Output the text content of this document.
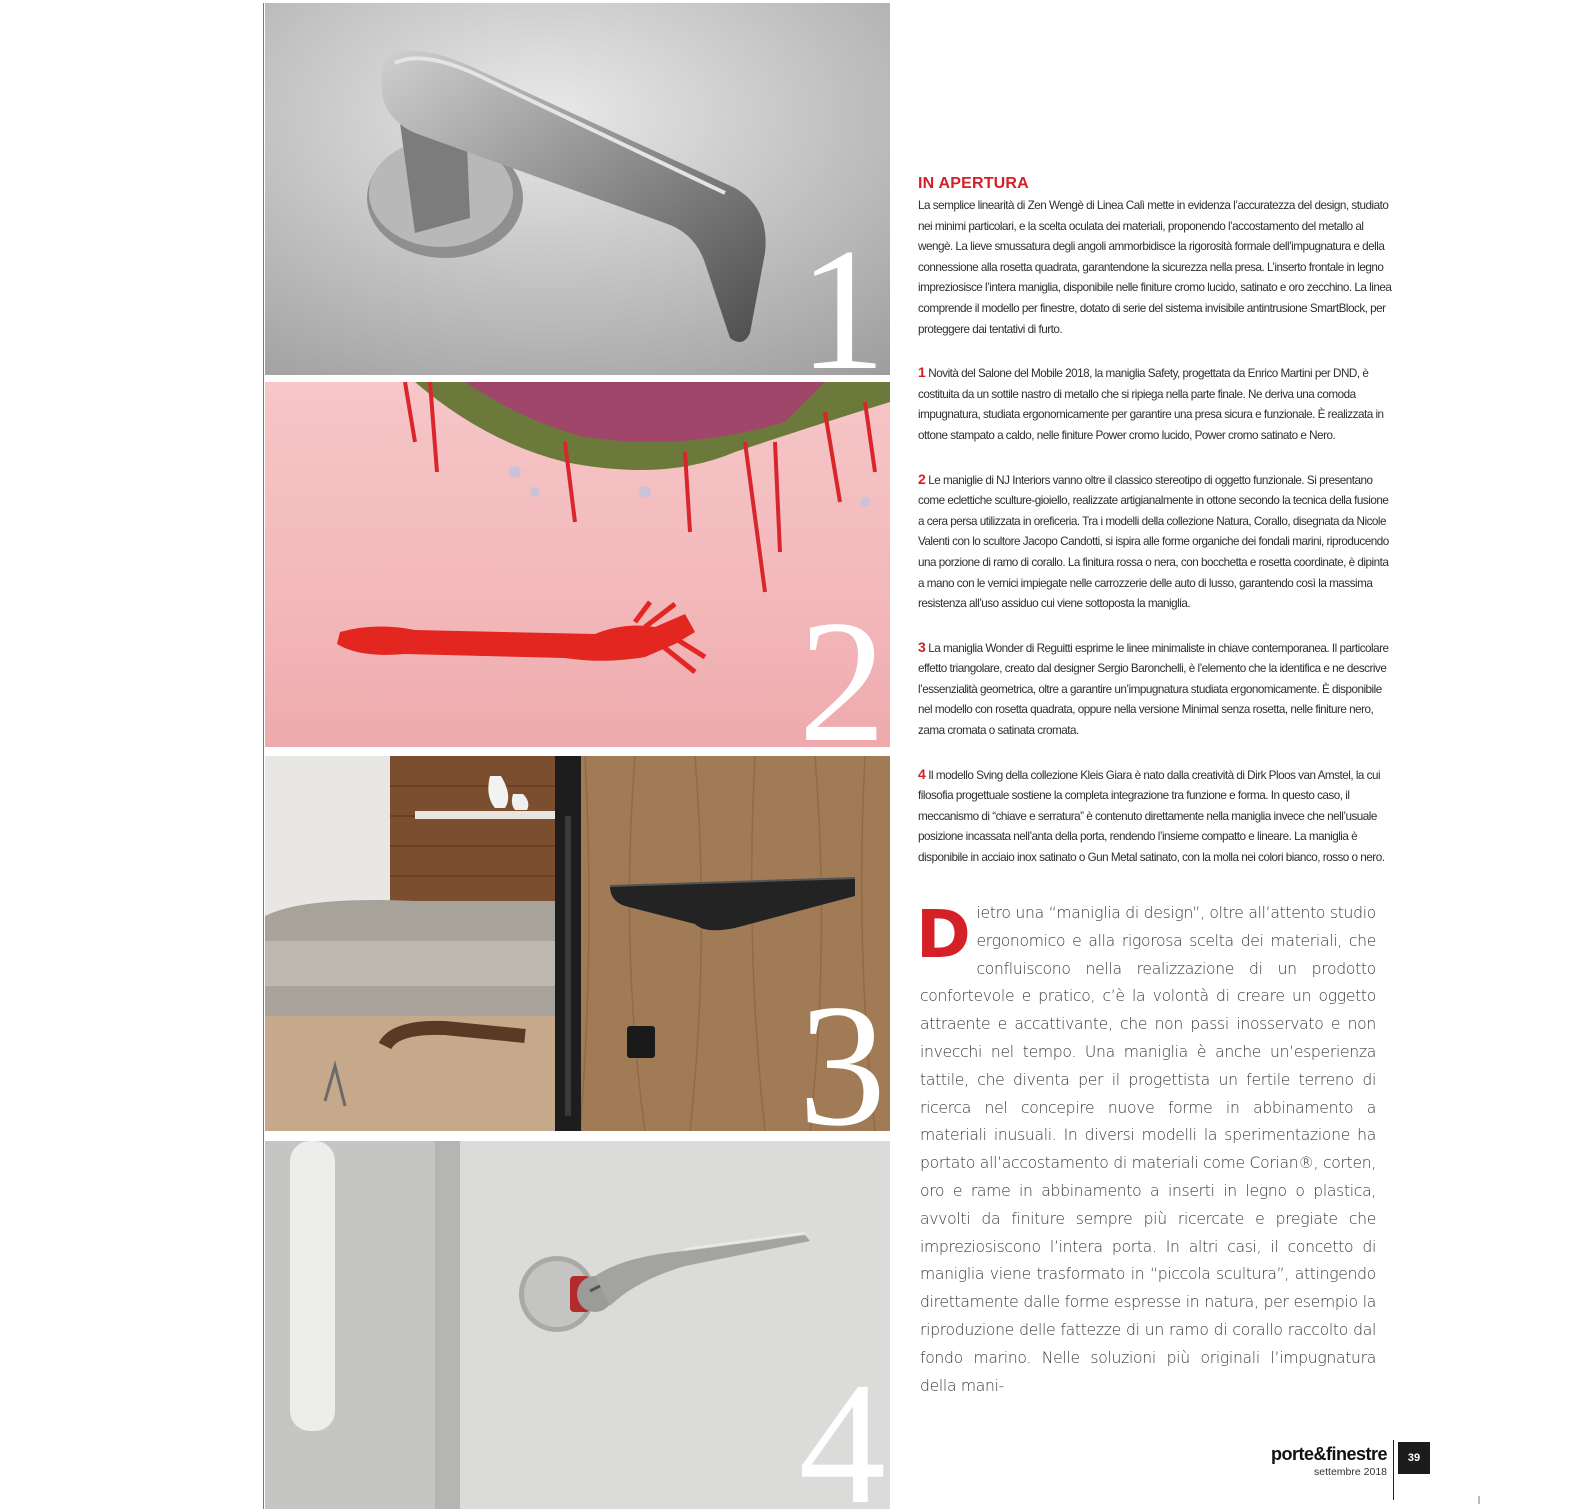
1
2
3
4
IN APERTURA

La semplice linearità di Zen Wengè di Linea Calì mette in evidenza l’accuratezza del design, studiato nei minimi particolari, e la scelta oculata dei materiali, proponendo l’accostamento del metallo al wengè. La lieve smussatura degli angoli ammorbidisce la rigorosità formale dell’impugnatura e della connessione alla rosetta quadrata, garantendone la sicurezza nella presa. L’inserto frontale in legno impreziosisce l’intera maniglia, disponibile nelle finiture cromo lucido, satinato e oro zecchino. La linea comprende il modello per finestre, dotato di serie del sistema invisibile antintrusione SmartBlock, per proteggere dai tentativi di furto.

1 Novità del Salone del Mobile 2018, la maniglia Safety, progettata da Enrico Martini per DND, è costituita da un sottile nastro di metallo che si ripiega nella parte finale. Ne deriva una comoda impugnatura, studiata ergonomicamente per garantire una presa sicura e funzionale. È realizzata in ottone stampato a caldo, nelle finiture Power cromo lucido, Power cromo satinato e Nero.

2 Le maniglie di NJ Interiors vanno oltre il classico stereotipo di oggetto funzionale. Si presentano come eclettiche sculture-gioiello, realizzate artigianalmente in ottone secondo la tecnica della fusione a cera persa utilizzata in oreficeria. Tra i modelli della collezione Natura, Corallo, disegnata da Nicole Valenti con lo scultore Jacopo Candotti, si ispira alle forme organiche dei fondali marini, riproducendo una porzione di ramo di corallo. La finitura rossa o nera, con bocchetta e rosetta coordinate, è dipinta a mano con le vernici impiegate nelle carrozzerie delle auto di lusso, garantendo così la massima resistenza all’uso assiduo cui viene sottoposta la maniglia.

3 La maniglia Wonder di Reguitti esprime le linee minimaliste in chiave contemporanea. Il particolare effetto triangolare, creato dal designer Sergio Baronchelli, è l’elemento che la identifica e ne descrive l’essenzialità geometrica, oltre a garantire un’impugnatura studiata ergonomicamente. È disponibile nel modello con rosetta quadrata, oppure nella versione Minimal senza rosetta, nelle finiture nero, zama cromata o satinata cromata.

4 Il modello Sving della collezione Kleis Giara è nato dalla creatività di Dirk Ploos van Amstel, la cui filosofia progettuale sostiene la completa integrazione tra funzione e forma. In questo caso, il meccanismo di “chiave e serratura” è contenuto direttamente nella maniglia invece che nell’usuale posizione incassata nell’anta della porta, rendendo l’insieme compatto e lineare. La maniglia è disponibile in acciaio inox satinato o Gun Metal satinato, con la molla nei colori bianco, rosso o nero.

Dietro una “maniglia di design”, oltre all’attento studio ergonomico e alla rigorosa scelta dei materiali, che confluiscono nella realizzazione di un prodotto confortevole e pratico, c’è la volontà di creare un oggetto attraente e accattivante, che non passi inosservato e non invecchi nel tempo. Una maniglia è anche un’esperienza tattile, che diventa per il progettista un fertile terreno di ricerca nel concepire nuove forme in abbinamento a materiali inusuali. In diversi modelli la sperimentazione ha portato all’accostamento di materiali come Corian®, corten, oro e rame in abbinamento a inserti in legno o plastica, avvolti da finiture sempre più ricercate e pregiate che impreziosiscono l’intera porta. In altri casi, il concetto di maniglia viene trasformato in “piccola scultura”, attingendo direttamente dalle forme espresse in natura, per esempio la riproduzione delle fattezze di un ramo di corallo raccolto dal fondo marino. Nelle soluzioni più originali l’impugnatura della mani-
porte&finestre
settembre 2018
39
